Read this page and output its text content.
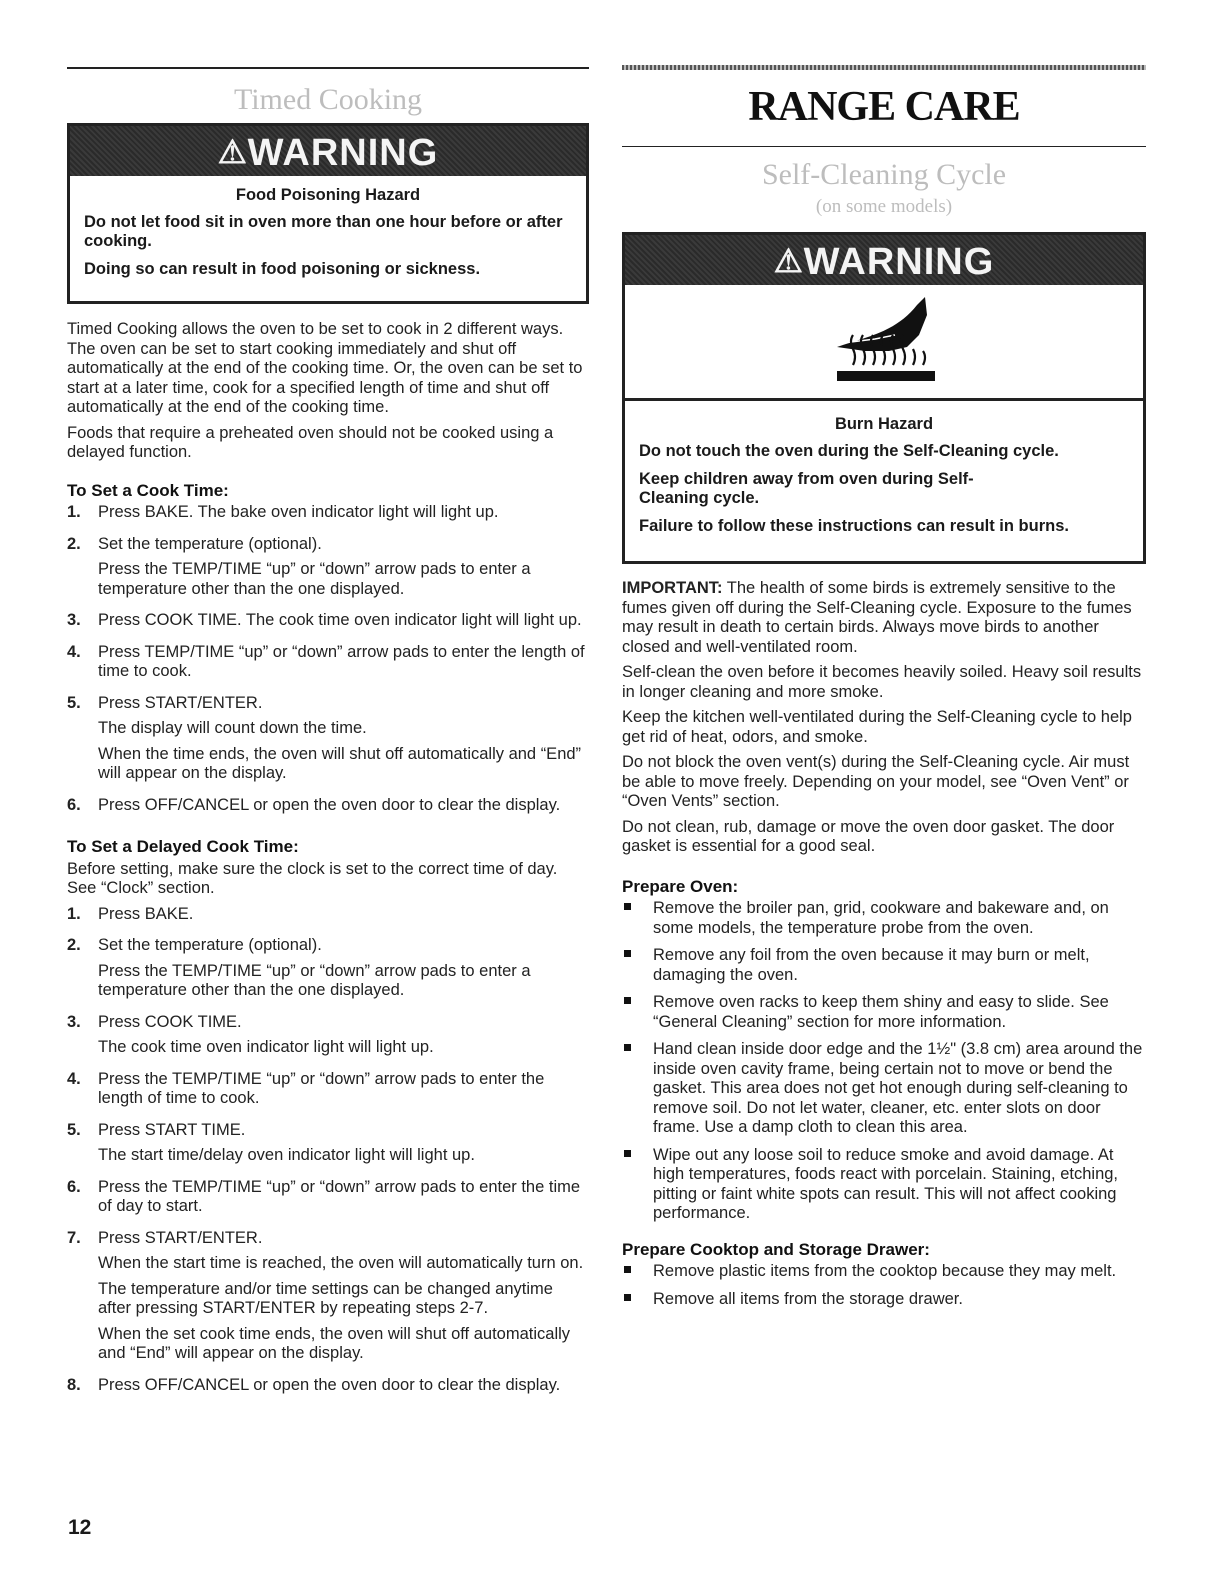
Timed Cooking
⚠WARNING
Food Poisoning Hazard

Do not let food sit in oven more than one hour before or after cooking.

Doing so can result in food poisoning or sickness.

Timed Cooking allows the oven to be set to cook in 2 different ways. The oven can be set to start cooking immediately and shut off automatically at the end of the cooking time. Or, the oven can be set to start at a later time, cook for a specified length of time and shut off automatically at the end of the cooking time.

Foods that require a preheated oven should not be cooked using a delayed function.

To Set a Cook Time:
1.	Press BAKE. The bake oven indicator light will light up.

2.	Set the temperature (optional).

Press the TEMP/TIME “up” or “down” arrow pads to enter a temperature other than the one displayed.

3.	Press COOK TIME. The cook time oven indicator light will light up.

4.	Press TEMP/TIME “up” or “down” arrow pads to enter the length of time to cook.

5.	Press START/ENTER.

The display will count down the time.

When the time ends, the oven will shut off automatically and “End” will appear on the display.

6.	Press OFF/CANCEL or open the oven door to clear the display.

To Set a Delayed Cook Time:

Before setting, make sure the clock is set to the correct time of day. See “Clock” section.

1.	Press BAKE.

2.	Set the temperature (optional).

Press the TEMP/TIME “up” or “down” arrow pads to enter a temperature other than the one displayed.

3.	Press COOK TIME.

The cook time oven indicator light will light up.

4.	Press the TEMP/TIME “up” or “down” arrow pads to enter the length of time to cook.

5.	Press START TIME.

The start time/delay oven indicator light will light up.

6.	Press the TEMP/TIME “up” or “down” arrow pads to enter the time of day to start.

7.	Press START/ENTER.

When the start time is reached, the oven will automatically turn on.

The temperature and/or time settings can be changed anytime after pressing START/ENTER by repeating steps 2-7.

When the set cook time ends, the oven will shut off automatically and “End” will appear on the display.

8.	Press OFF/CANCEL or open the oven door to clear the display.

RANGE CARE
Self-Cleaning Cycle
(on some models)
⚠WARNING
Burn Hazard

Do not touch the oven during the Self-Cleaning cycle.

Keep children away from oven during Self-Cleaning cycle.

Failure to follow these instructions can result in burns.

IMPORTANT: The health of some birds is extremely sensitive to the fumes given off during the Self-Cleaning cycle. Exposure to the fumes may result in death to certain birds. Always move birds to another closed and well-ventilated room.

Self-clean the oven before it becomes heavily soiled. Heavy soil results in longer cleaning and more smoke.

Keep the kitchen well-ventilated during the Self-Cleaning cycle to help get rid of heat, odors, and smoke.

Do not block the oven vent(s) during the Self-Cleaning cycle. Air must be able to move freely. Depending on your model, see “Oven Vent” or “Oven Vents” section.

Do not clean, rub, damage or move the oven door gasket. The door gasket is essential for a good seal.

Prepare Oven:
Remove the broiler pan, grid, cookware and bakeware and, on some models, the temperature probe from the oven.
Remove any foil from the oven because it may burn or melt, damaging the oven.
Remove oven racks to keep them shiny and easy to slide. See “General Cleaning” section for more information.
Hand clean inside door edge and the 1½" (3.8 cm) area around the inside oven cavity frame, being certain not to move or bend the gasket. This area does not get hot enough during self-cleaning to remove soil. Do not let water, cleaner, etc. enter slots on door frame. Use a damp cloth to clean this area.
Wipe out any loose soil to reduce smoke and avoid damage. At high temperatures, foods react with porcelain. Staining, etching, pitting or faint white spots can result. This will not affect cooking performance.
Prepare Cooktop and Storage Drawer:
Remove plastic items from the cooktop because they may melt.
Remove all items from the storage drawer.
12
